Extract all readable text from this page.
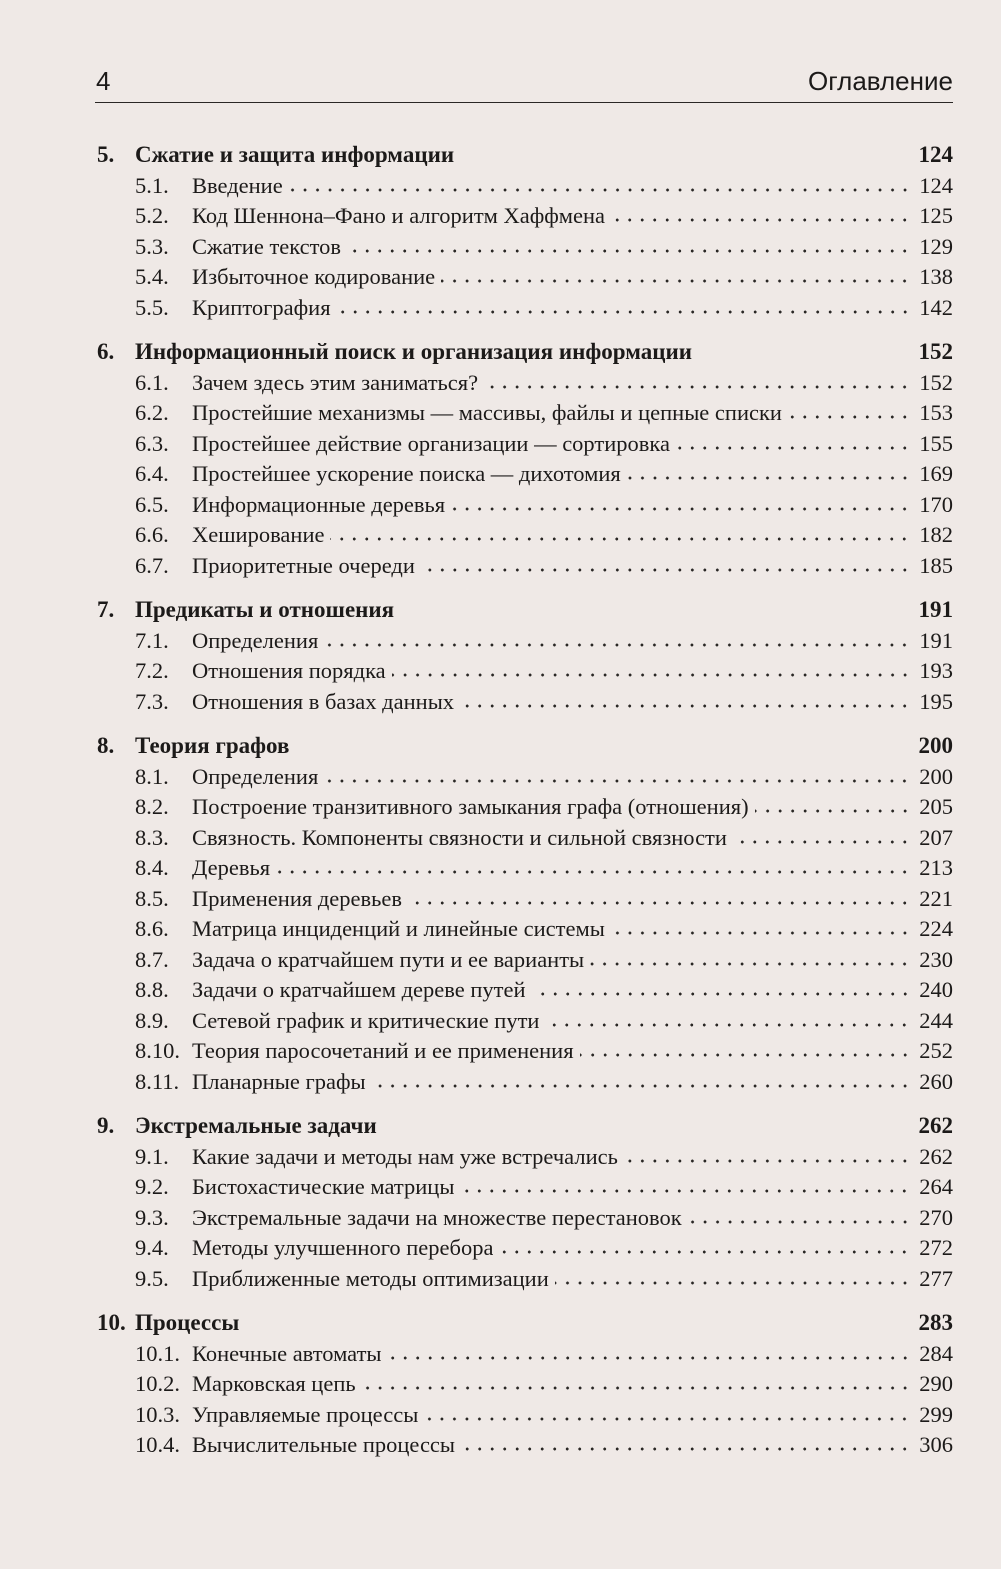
4	Оглавление
5. Сжатие и защита информации	124
5.1.	Введение	124
5.2.	Код Шеннона–Фано и алгоритм Хаффмена	125
5.3.	Сжатие текстов	129
5.4.	Избыточное кодирование	138
5.5.	Криптография	142
6. Информационный поиск и организация информации	152
6.1.	Зачем здесь этим заниматься?	152
6.2.	Простейшие механизмы — массивы, файлы и цепные списки	153
6.3.	Простейшее действие организации — сортировка	155
6.4.	Простейшее ускорение поиска — дихотомия	169
6.5.	Информационные деревья	170
6.6.	Хеширование	182
6.7.	Приоритетные очереди	185
7. Предикаты и отношения	191
7.1.	Определения	191
7.2.	Отношения порядка	193
7.3.	Отношения в базах данных	195
8. Теория графов	200
8.1.	Определения	200
8.2.	Построение транзитивного замыкания графа (отношения)	205
8.3.	Связность. Компоненты связности и сильной связности	207
8.4.	Деревья	213
8.5.	Применения деревьев	221
8.6.	Матрица инциденций и линейные системы	224
8.7.	Задача о кратчайшем пути и ее варианты	230
8.8.	Задачи о кратчайшем дереве путей	240
8.9.	Сетевой график и критические пути	244
8.10. Теория паросочетаний и ее применения	252
8.11. Планарные графы	260
9. Экстремальные задачи	262
9.1.	Какие задачи и методы нам уже встречались	262
9.2.	Бистохастические матрицы	264
9.3.	Экстремальные задачи на множестве перестановок	270
9.4.	Методы улучшенного перебора	272
9.5.	Приближенные методы оптимизации	277
10. Процессы	283
10.1. Конечные автоматы	284
10.2. Марковская цепь	290
10.3. Управляемые процессы	299
10.4. Вычислительные процессы	306
